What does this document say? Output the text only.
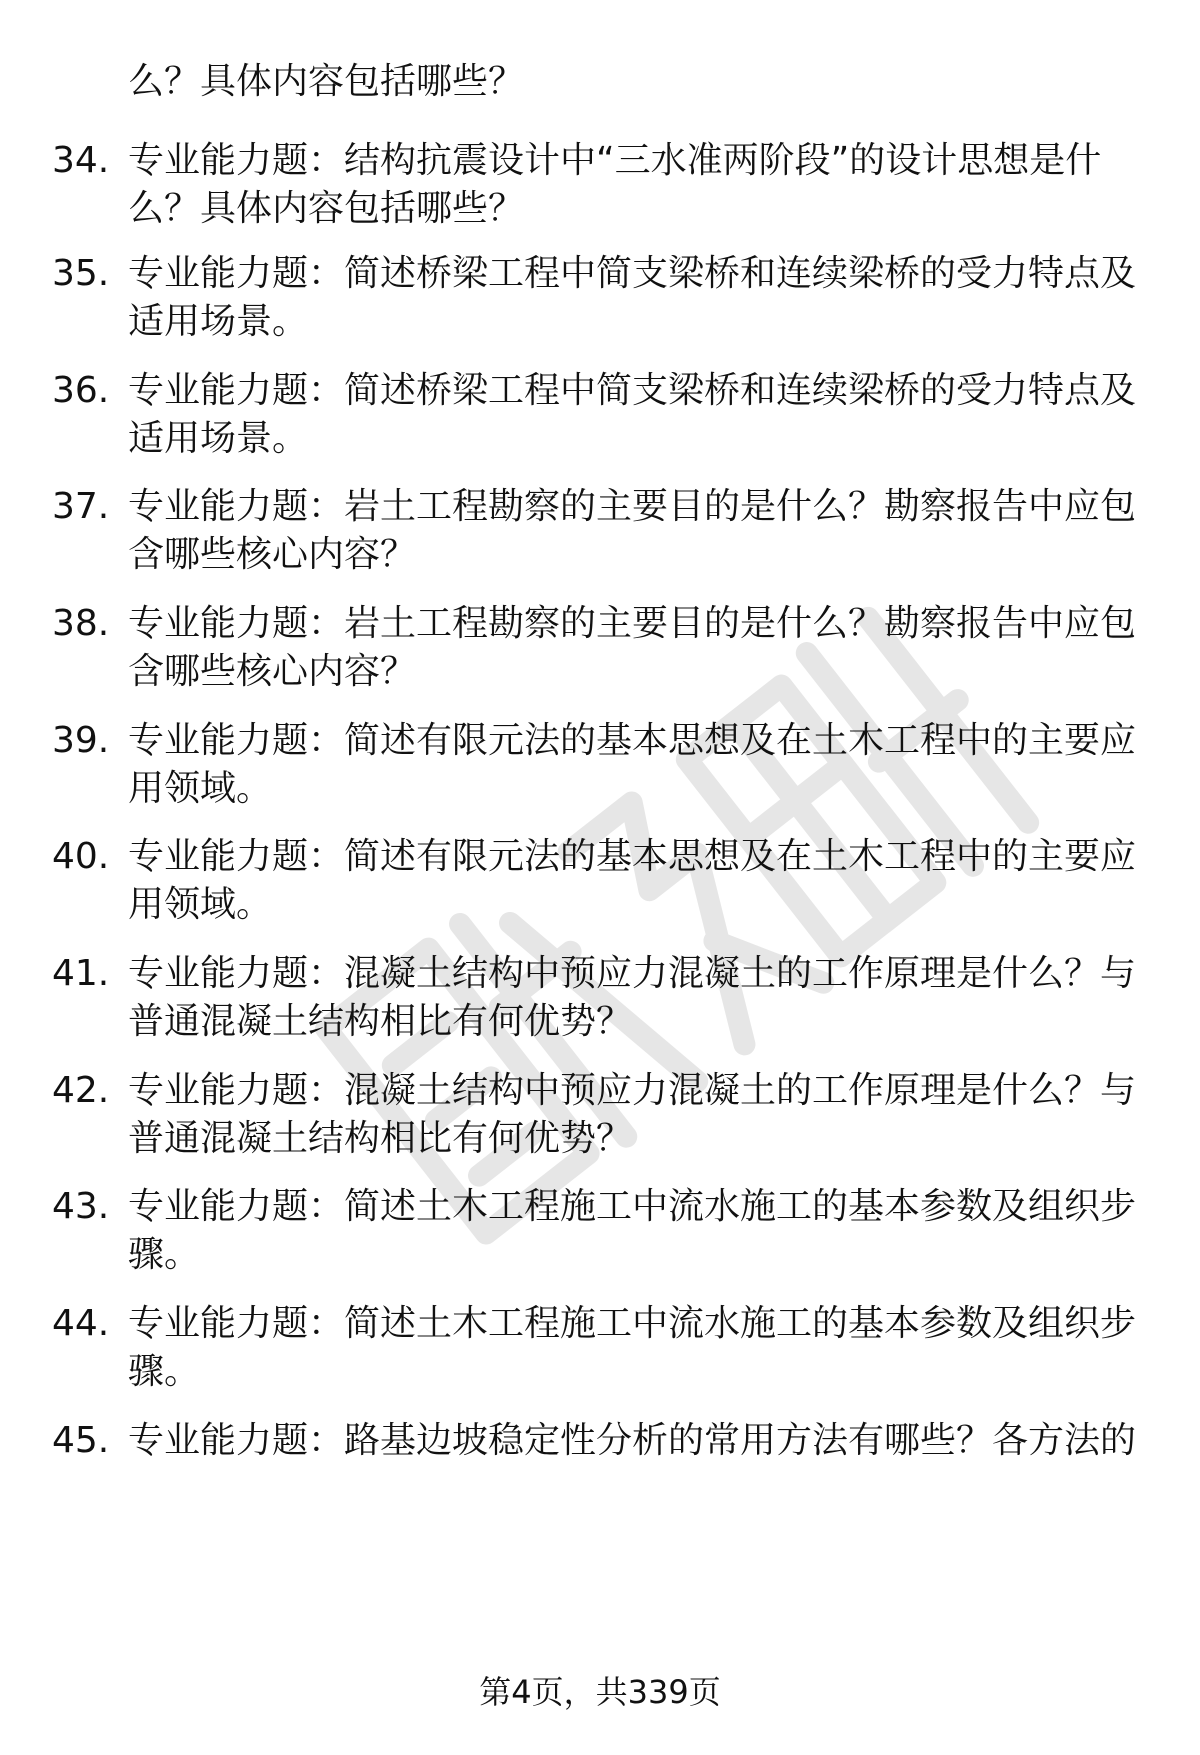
么？具体内容包括哪些？
34. 专业能力题：结构抗震设计中“三水准两阶段”的设计思想是什
么？具体内容包括哪些？
35. 专业能力题：简述桥梁工程中简支梁桥和连续梁桥的受力特点及
适用场景。
36. 专业能力题：简述桥梁工程中简支梁桥和连续梁桥的受力特点及
适用场景。
37. 专业能力题：岩土工程勘察的主要目的是什么？勘察报告中应包
含哪些核心内容？
38. 专业能力题：岩土工程勘察的主要目的是什么？勘察报告中应包
含哪些核心内容？
39. 专业能力题：简述有限元法的基本思想及在土木工程中的主要应
用领域。
40. 专业能力题：简述有限元法的基本思想及在土木工程中的主要应
用领域。
41. 专业能力题：混凝土结构中预应力混凝土的工作原理是什么？与
普通混凝土结构相比有何优势？
42. 专业能力题：混凝土结构中预应力混凝土的工作原理是什么？与
普通混凝土结构相比有何优势？
43. 专业能力题：简述土木工程施工中流水施工的基本参数及组织步
骤。
44. 专业能力题：简述土木工程施工中流水施工的基本参数及组织步
骤。
45. 专业能力题：路基边坡稳定性分析的常用方法有哪些？各方法的
第4页，共339页
